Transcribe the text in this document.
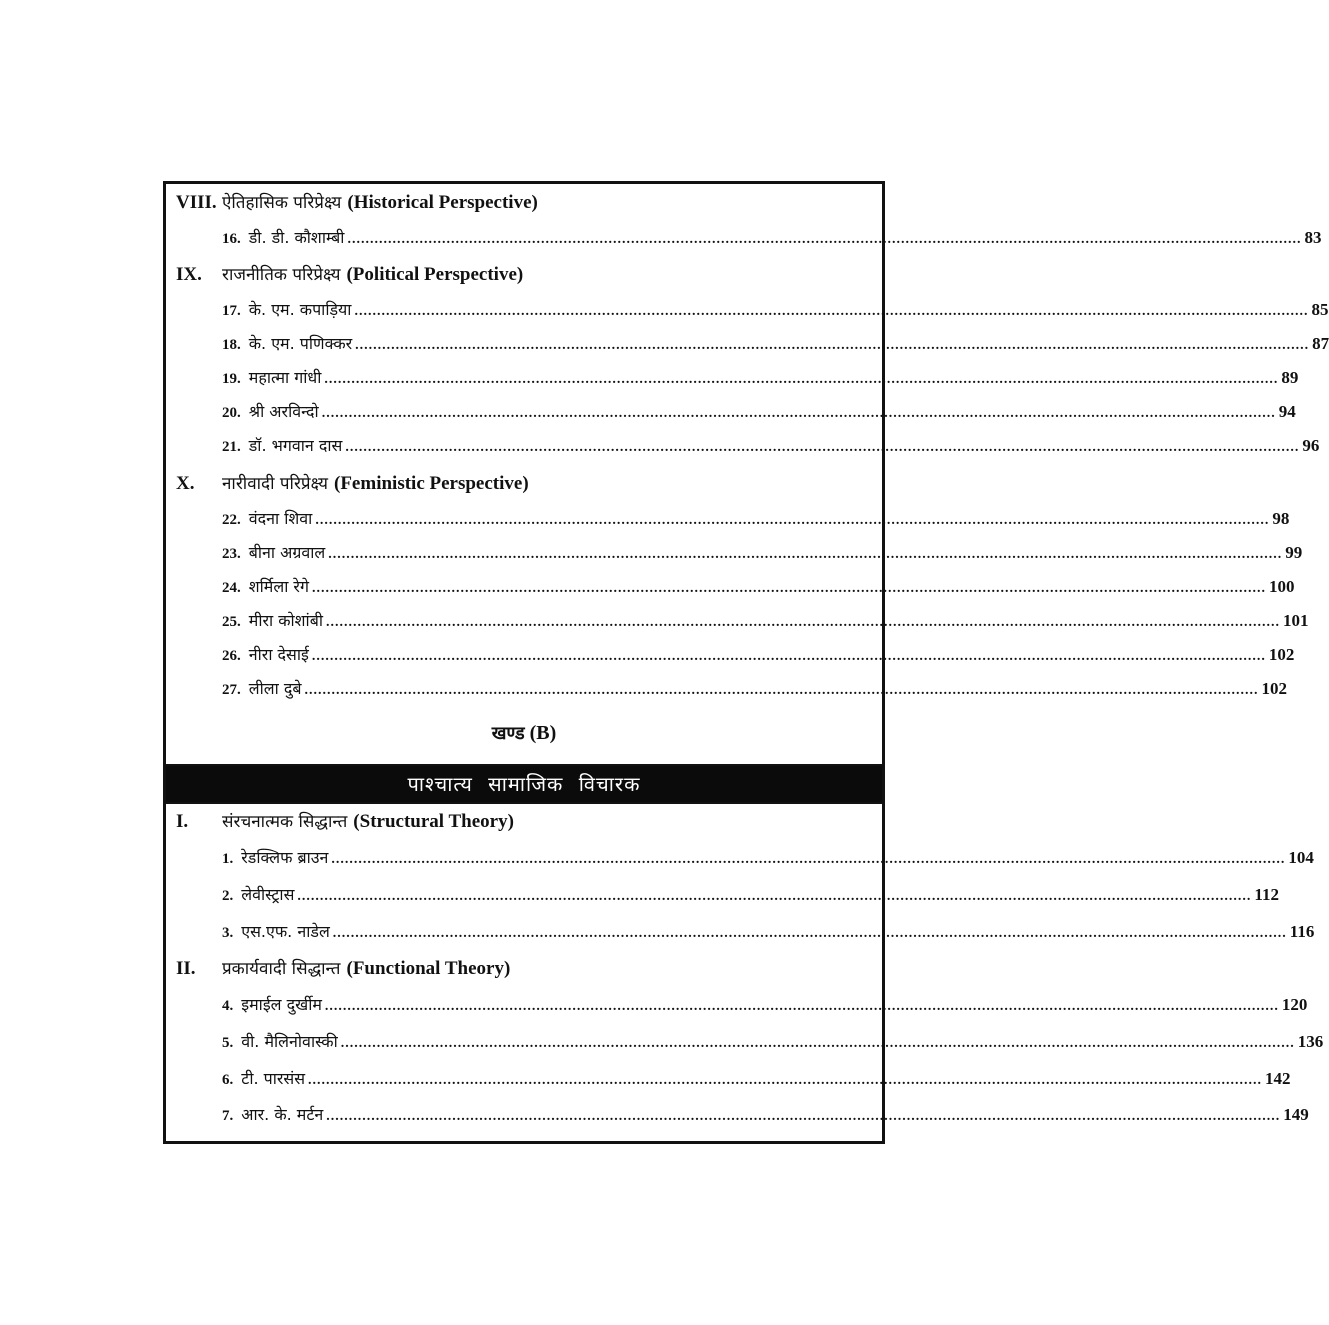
VIII. ऐतिहासिक परिप्रेक्ष्य (Historical Perspective)
16. डी. डी. कौशाम्बी .................................................................................................................................................................................................................... 83
IX. राजनीतिक परिप्रेक्ष्य (Political Perspective)
17. के. एम. कपाड़िया .................................................................................................................................................................................................................... 85
18. के. एम. पणिक्कर .................................................................................................................................................................................................................... 87
19. महात्मा गांधी .................................................................................................................................................................................................................... 89
20. श्री अरविन्दो .................................................................................................................................................................................................................... 94
21. डॉ. भगवान दास .................................................................................................................................................................................................................... 96
X. नारीवादी परिप्रेक्ष्य (Feministic Perspective)
22. वंदना शिवा .................................................................................................................................................................................................................... 98
23. बीना अग्रवाल .................................................................................................................................................................................................................... 99
24. शर्मिला रेगे .................................................................................................................................................................................................................... 100
25. मीरा कोशांबी .................................................................................................................................................................................................................... 101
26. नीरा देसाई .................................................................................................................................................................................................................... 102
27. लीला दुबे .................................................................................................................................................................................................................... 102
खण्ड (B)
पाश्चात्य सामाजिक विचारक
I. संरचनात्मक सिद्धान्त (Structural Theory)
1. रेडक्लिफ ब्राउन .................................................................................................................................................................................................................... 104
2. लेवीस्ट्रास .................................................................................................................................................................................................................... 112
3. एस.एफ. नाडेल .................................................................................................................................................................................................................... 116
II. प्रकार्यवादी सिद्धान्त (Functional Theory)
4. इमाईल दुर्खीम .................................................................................................................................................................................................................... 120
5. वी. मैलिनोवास्की .................................................................................................................................................................................................................... 136
6. टी. पारसंस .................................................................................................................................................................................................................... 142
7. आर. के. मर्टन .................................................................................................................................................................................................................... 149
